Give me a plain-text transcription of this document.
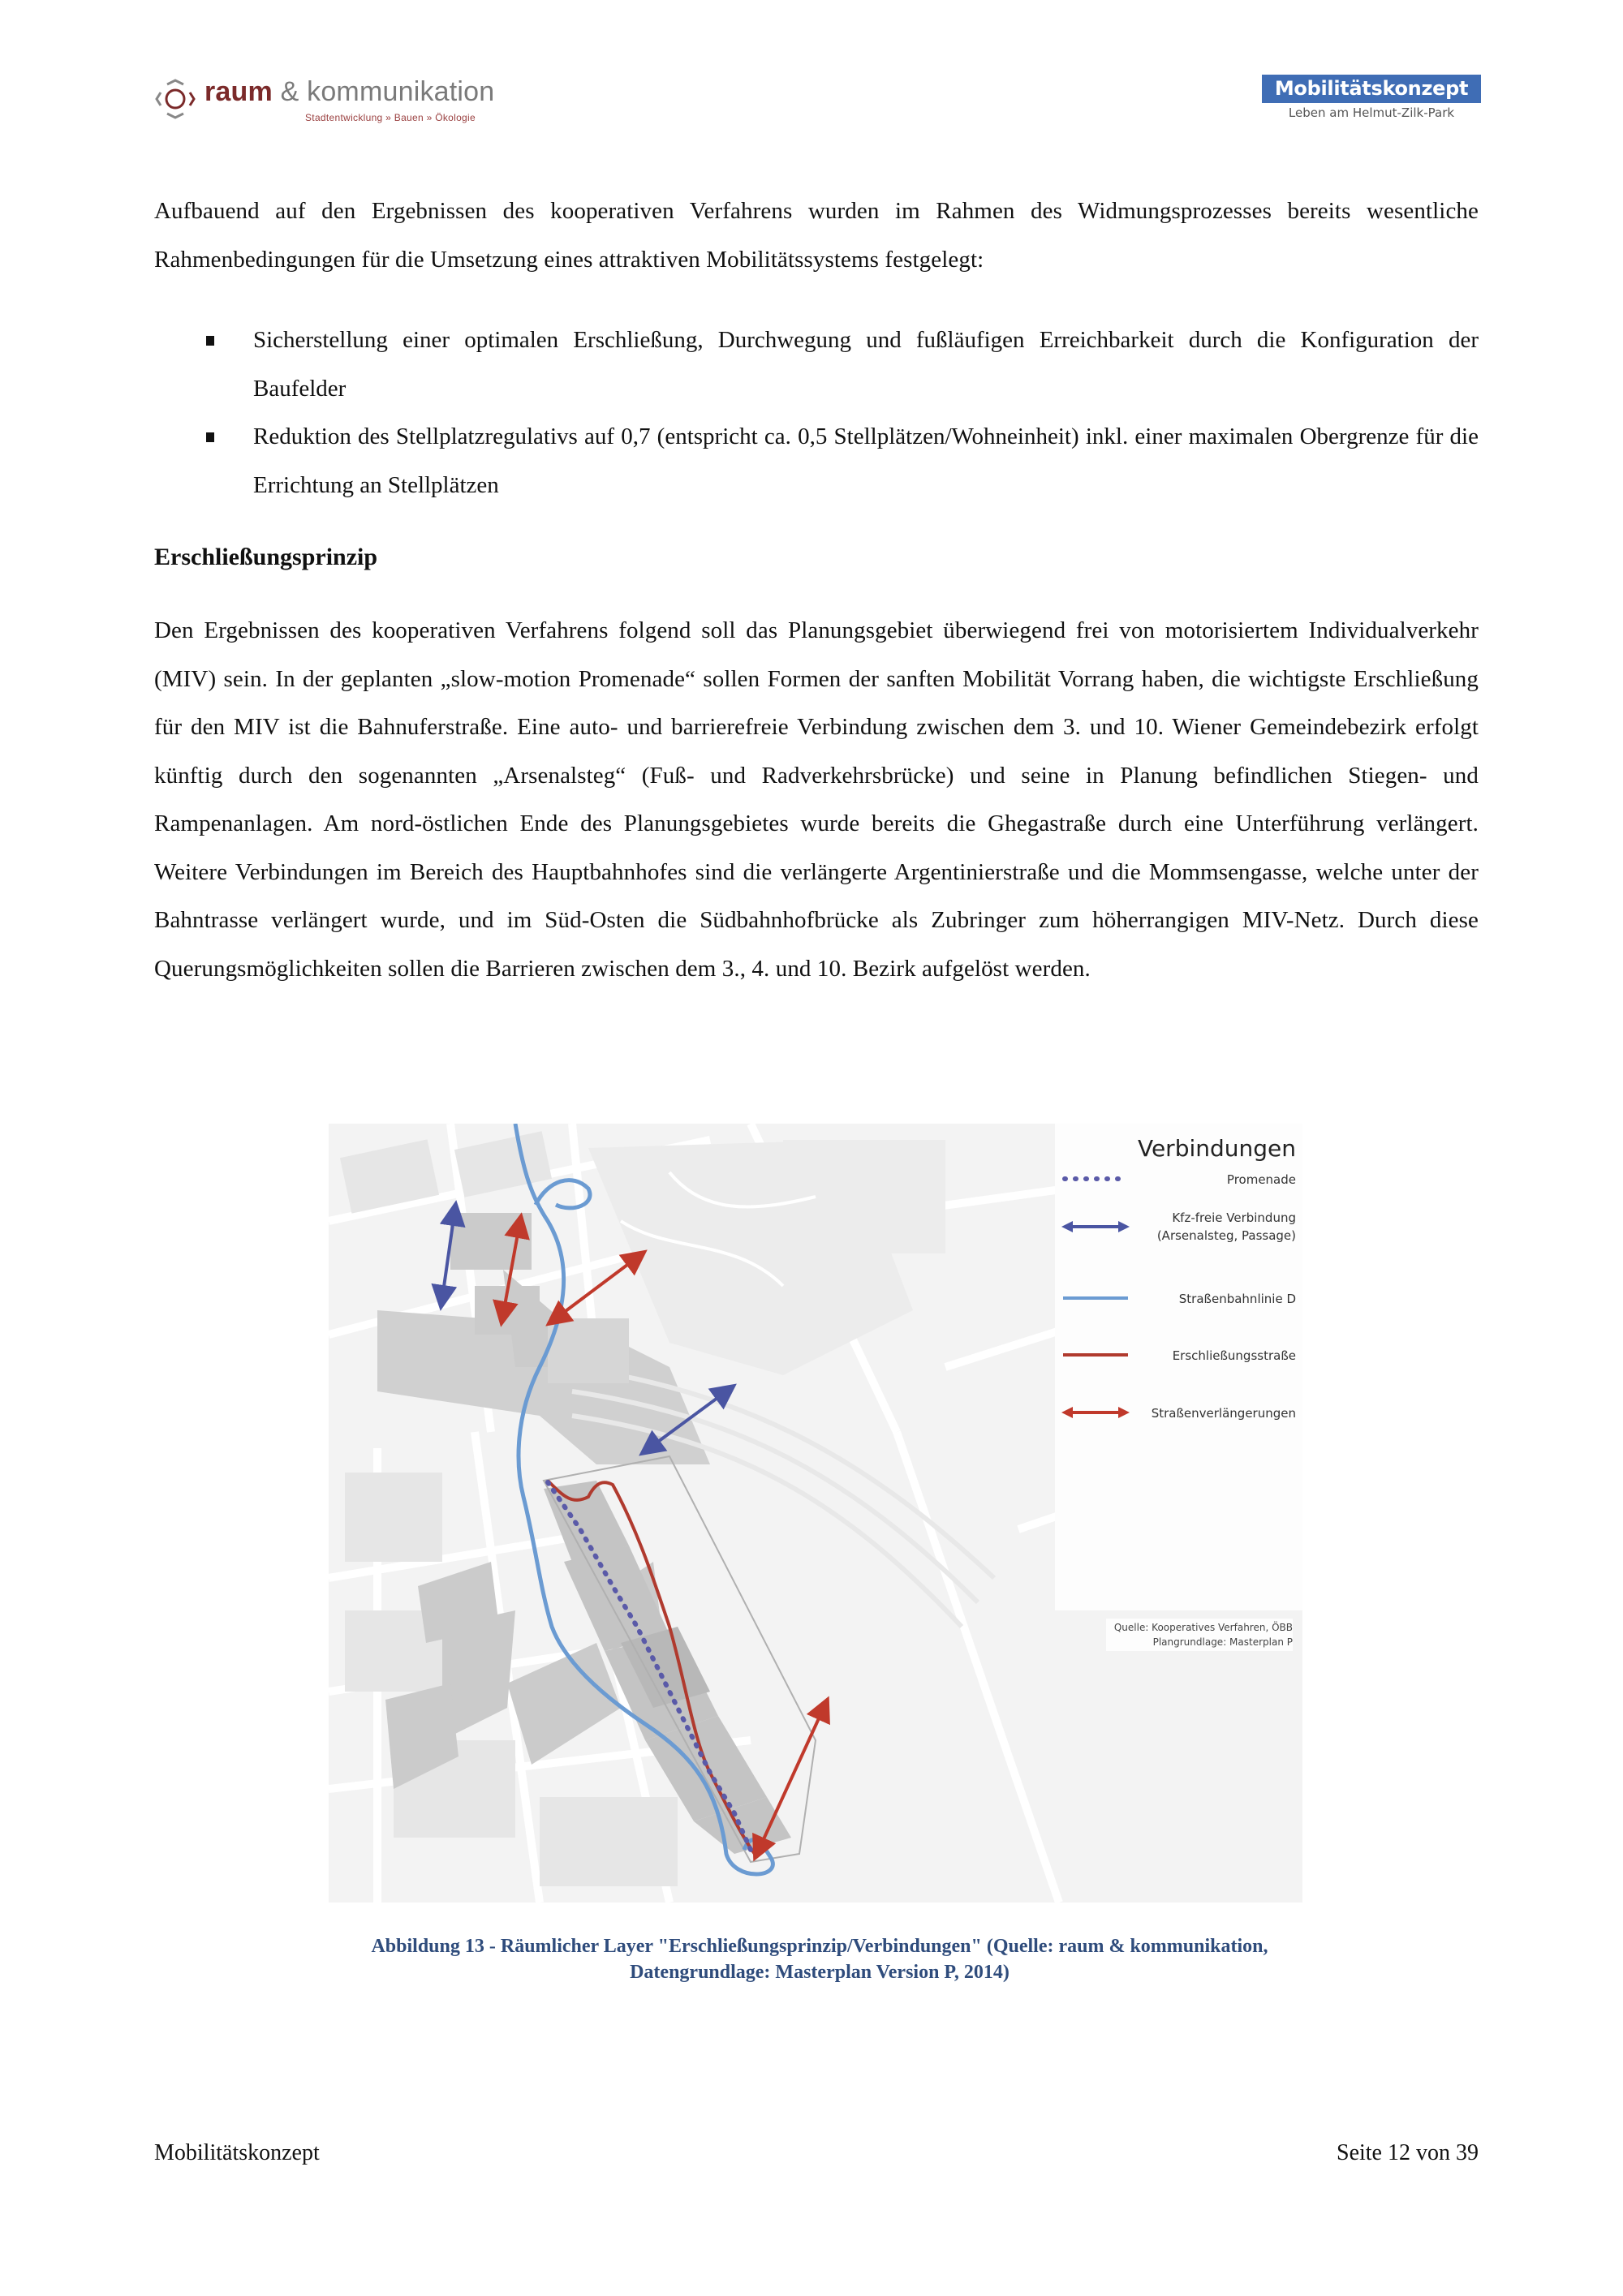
raum & kommunikation
Stadtentwicklung » Bauen » Ökologie
Mobilitätskonzept
Leben am Helmut-Zilk-Park

Aufbauend auf den Ergebnissen des kooperativen Verfahrens wurden im Rahmen des Widmungsprozesses bereits wesentliche Rahmenbedingungen für die Umsetzung eines attraktiven Mobilitätssystems festgelegt:

Sicherstellung einer optimalen Erschließung, Durchwegung und fußläufigen Erreichbarkeit durch die Konfiguration der Baufelder
Reduktion des Stellplatzregulativs auf 0,7 (entspricht ca. 0,5 Stellplätzen/Wohneinheit) inkl. einer maximalen Obergrenze für die Errichtung an Stellplätzen
Erschließungsprinzip

Den Ergebnissen des kooperativen Verfahrens folgend soll das Planungsgebiet überwiegend frei von motorisiertem Individualverkehr (MIV) sein. In der geplanten „slow-motion Promenade“ sollen Formen der sanften Mobilität Vorrang haben, die wichtigste Erschließung für den MIV ist die Bahnuferstraße. Eine auto- und barrierefreie Verbindung zwischen dem 3. und 10. Wiener Gemeindebezirk erfolgt künftig durch den sogenannten „Arsenalsteg“ (Fuß- und Radverkehrsbrücke) und seine in Planung befindlichen Stiegen- und Rampenanlagen. Am nord-östlichen Ende des Planungsgebietes wurde bereits die Ghegastraße durch eine Unterführung verlängert. Weitere Verbindungen im Bereich des Hauptbahnhofes sind die verlängerte Argentinierstraße und die Mommsengasse, welche unter der Bahntrasse verlängert wurde, und im Süd-Osten die Südbahnhofbrücke als Zubringer zum höherrangigen MIV-Netz. Durch diese Querungsmöglichkeiten sollen die Barrieren zwischen dem 3., 4. und 10. Bezirk aufgelöst werden.

Verbindungen
Promenade
Kfz-freie Verbindung
(Arsenalsteg, Passage)
Straßenbahnlinie D
Erschließungsstraße
Straßenverlängerungen
Quelle: Kooperatives Verfahren, ÖBB
Plangrundlage: Masterplan P
Abbildung 13 - Räumlicher Layer "Erschließungsprinzip/Verbindungen" (Quelle: raum & kommunikation,
Datengrundlage: Masterplan Version P, 2014)
Mobilitätskonzept	Seite 12 von 39
